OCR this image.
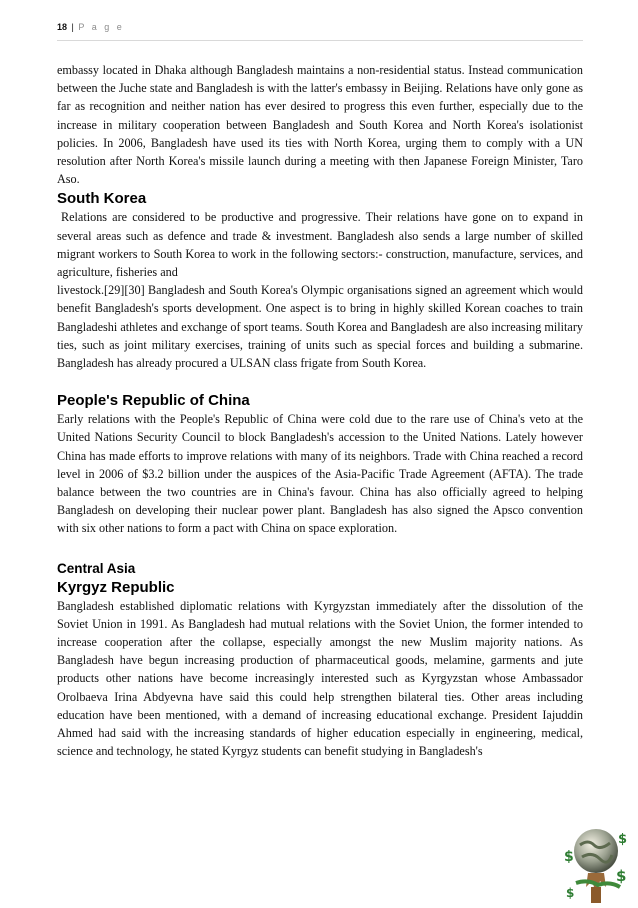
18 | P a g e

embassy located in Dhaka although Bangladesh maintains a non-residential status. Instead communication between the Juche state and Bangladesh is with the latter's embassy in Beijing. Relations have only gone as far as recognition and neither nation has ever desired to progress this even further, especially due to the increase in military cooperation between Bangladesh and South Korea and North Korea's isolationist policies. In 2006, Bangladesh have used its ties with North Korea, urging them to comply with a UN resolution after North Korea's missile launch during a meeting with then Japanese Foreign Minister, Taro Aso.

South Korea

Relations are considered to be productive and progressive. Their relations have gone on to expand in several areas such as defence and trade & investment. Bangladesh also sends a large number of skilled migrant workers to South Korea to work in the following sectors:- construction, manufacture, services, and agriculture, fisheries and

livestock.[29][30] Bangladesh and South Korea's Olympic organisations signed an agreement which would benefit Bangladesh's sports development. One aspect is to bring in highly skilled Korean coaches to train Bangladeshi athletes and exchange of sport teams. South Korea and Bangladesh are also increasing military ties, such as joint military exercises, training of units such as special forces and building a submarine. Bangladesh has already procured a ULSAN class frigate from South Korea.

People's Republic of China

Early relations with the People's Republic of China were cold due to the rare use of China's veto at the United Nations Security Council to block Bangladesh's accession to the United Nations. Lately however China has made efforts to improve relations with many of its neighbors. Trade with China reached a record level in 2006 of $3.2 billion under the auspices of the Asia-Pacific Trade Agreement (AFTA). The trade balance between the two countries are in China's favour. China has also officially agreed to helping Bangladesh on developing their nuclear power plant. Bangladesh has also signed the Apsco convention with six other nations to form a pact with China on space exploration.

Central Asia
Kyrgyz Republic

Bangladesh established diplomatic relations with Kyrgyzstan immediately after the dissolution of the Soviet Union in 1991. As Bangladesh had mutual relations with the Soviet Union, the former intended to increase cooperation after the collapse, especially amongst the new Muslim majority nations. As Bangladesh have begun increasing production of pharmaceutical goods, melamine, garments and jute products other nations have become increasingly interested such as Kyrgyzstan whose Ambassador Orolbaeva Irina Abdyevna have said this could help strengthen bilateral ties. Other areas including education have been mentioned, with a demand of increasing educational exchange. President Iajuddin Ahmed had said with the increasing standards of higher education especially in engineering, medical, science and technology, he stated Kyrgyz students can benefit studying in Bangladesh's

$
$
$
$
